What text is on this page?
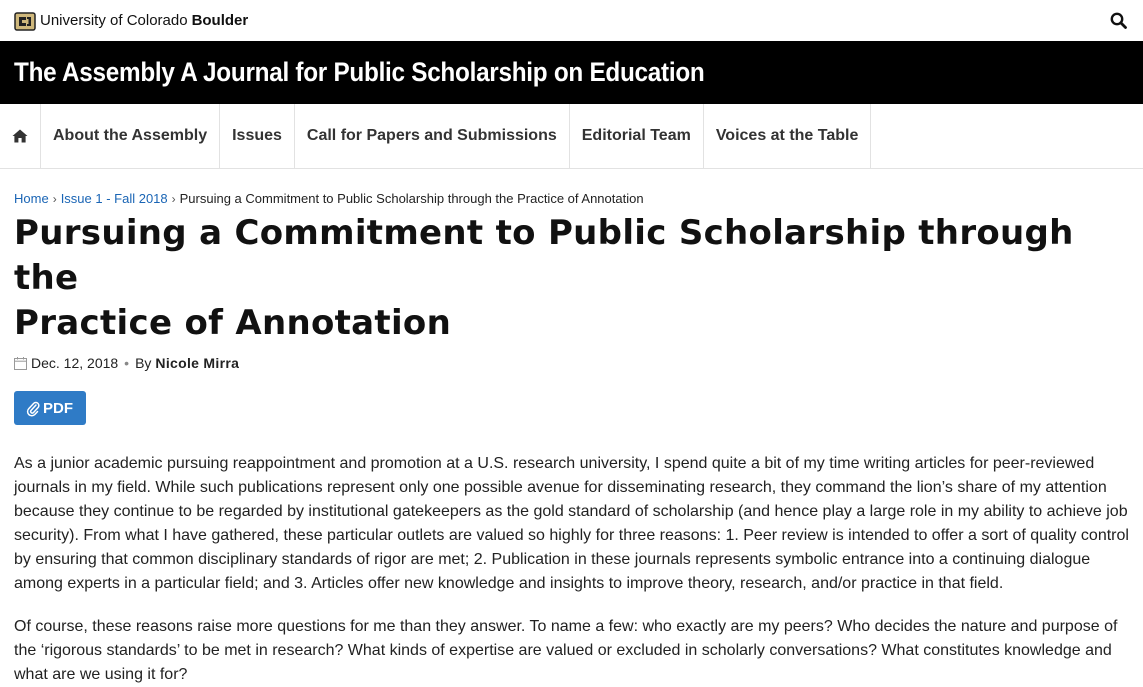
University of Colorado Boulder
The Assembly A Journal for Public Scholarship on Education
About the Assembly	Issues	Call for Papers and Submissions	Editorial Team	Voices at the Table
Home › Issue 1 - Fall 2018 › Pursuing a Commitment to Public Scholarship through the Practice of Annotation
Pursuing a Commitment to Public Scholarship through the
Practice of Annotation
Dec. 12, 2018 • By Nicole Mirra
PDF

As a junior academic pursuing reappointment and promotion at a U.S. research university, I spend quite a bit of my time writing articles for peer-reviewed journals in my field. While such publications represent only one possible avenue for disseminating research, they command the lion’s share of my attention because they continue to be regarded by institutional gatekeepers as the gold standard of scholarship (and hence play a large role in my ability to achieve job security). From what I have gathered, these particular outlets are valued so highly for three reasons: 1. Peer review is intended to offer a sort of quality control by ensuring that common disciplinary standards of rigor are met; 2. Publication in these journals represents symbolic entrance into a continuing dialogue among experts in a particular field; and 3. Articles offer new knowledge and insights to improve theory, research, and/or practice in that field.

Of course, these reasons raise more questions for me than they answer. To name a few: who exactly are my peers? Who decides the nature and purpose of the ‘rigorous standards’ to be met in research? What kinds of expertise are valued or excluded in scholarly conversations? What constitutes knowledge and what are we using it for?
